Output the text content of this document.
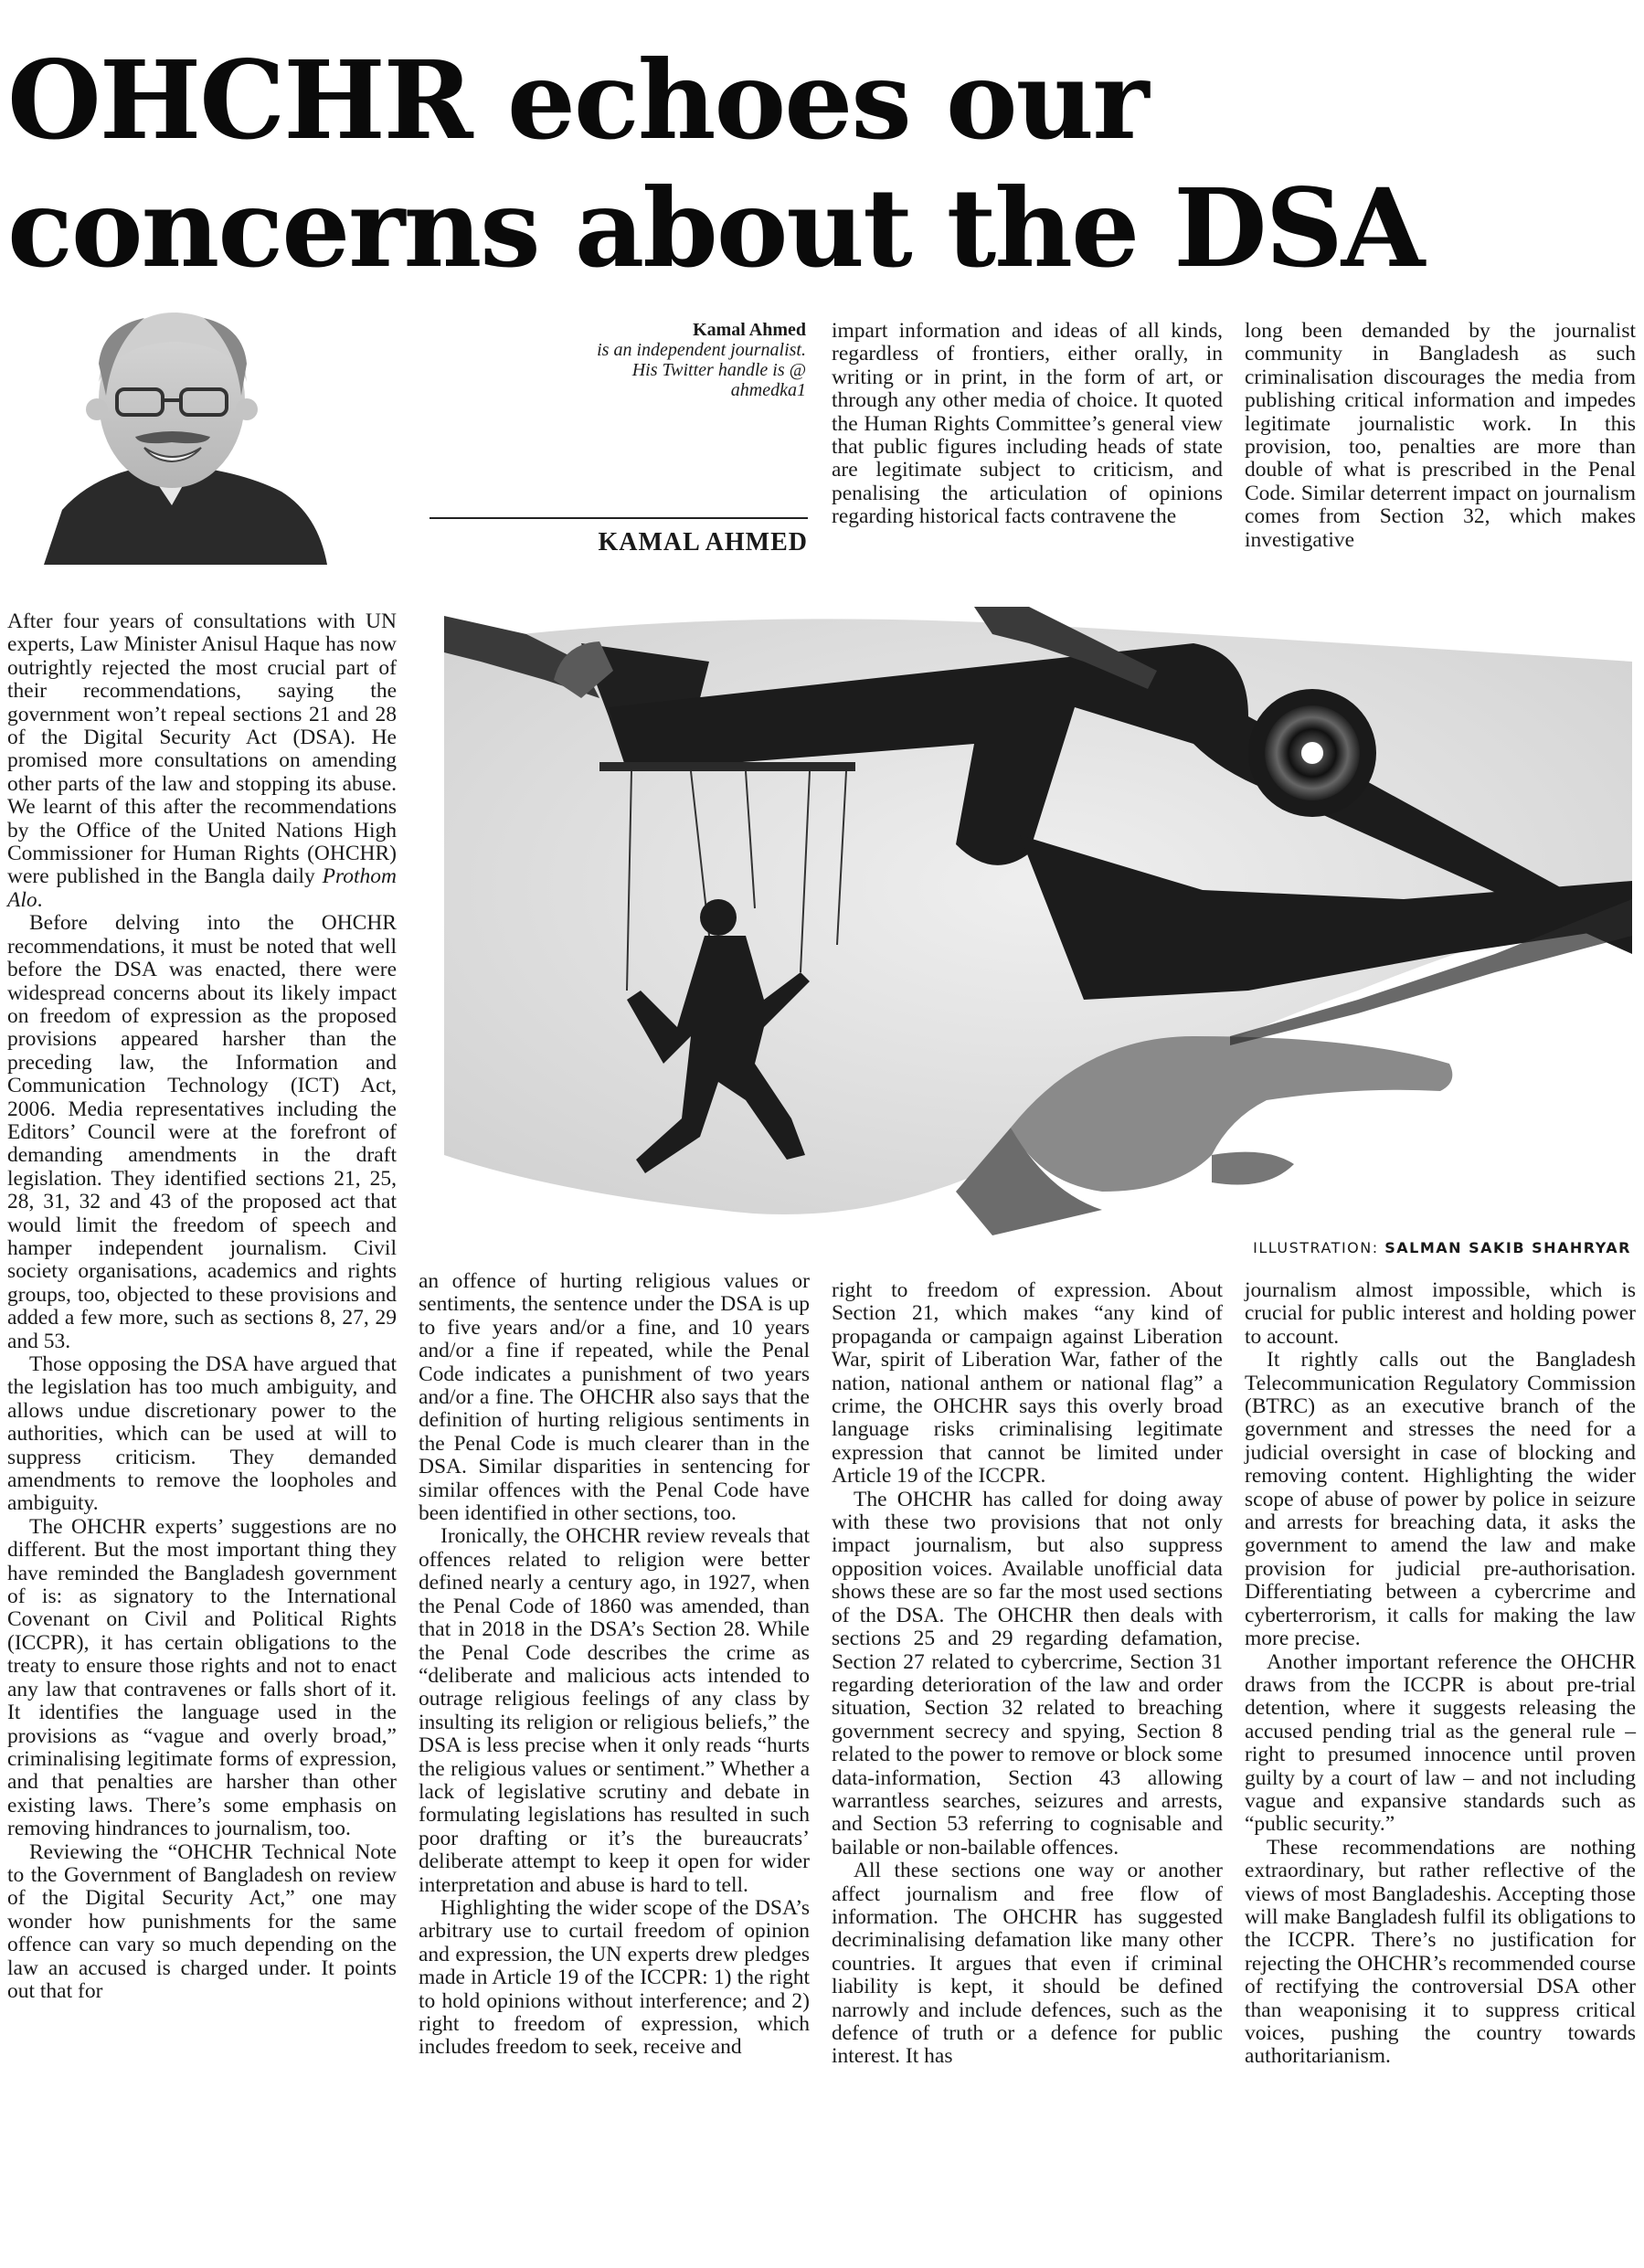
OHCHR echoes our
concerns about the DSA
Kamal Ahmed
is an independent journalist.
His Twitter handle is @
ahmedka1
KAMAL AHMED

impart information and ideas of all kinds, regardless of frontiers, either orally, in writing or in print, in the form of art, or through any other media of choice. It quoted the Human Rights Committee’s general view that public figures including heads of state are legitimate subject to criticism, and penalising the articulation of opinions regarding historical facts contravene the

long been demanded by the journalist community in Bangladesh as such criminalisation discourages the media from publishing critical information and impedes legitimate journalistic work. In this provision, too, penalties are more than double of what is prescribed in the Penal Code. Similar deterrent impact on journalism comes from Section 32, which makes investigative

ILLUSTRATION: SALMAN SAKIB SHAHRYAR

After four years of consultations with UN experts, Law Minister Anisul Haque has now outrightly rejected the most crucial part of their recommendations, saying the government won’t repeal sections 21 and 28 of the Digital Security Act (DSA). He promised more consultations on amending other parts of the law and stopping its abuse. We learnt of this after the recommendations by the Office of the United Nations High Commissioner for Human Rights (OHCHR) were published in the Bangla daily Prothom Alo.

Before delving into the OHCHR recommendations, it must be noted that well before the DSA was enacted, there were widespread concerns about its likely impact on freedom of expression as the proposed provisions appeared harsher than the preceding law, the Information and Communication Technology (ICT) Act, 2006. Media representatives including the Editors’ Council were at the forefront of demanding amendments in the draft legislation. They identified sections 21, 25, 28, 31, 32 and 43 of the proposed act that would limit the freedom of speech and hamper independent journalism. Civil society organisations, academics and rights groups, too, objected to these provisions and added a few more, such as sections 8, 27, 29 and 53.

Those opposing the DSA have argued that the legislation has too much ambiguity, and allows undue discretionary power to the authorities, which can be used at will to suppress criticism. They demanded amendments to remove the loopholes and ambiguity.

The OHCHR experts’ suggestions are no different. But the most important thing they have reminded the Bangladesh government of is: as signatory to the International Covenant on Civil and Political Rights (ICCPR), it has certain obligations to the treaty to ensure those rights and not to enact any law that contravenes or falls short of it. It identifies the language used in the provisions as “vague and overly broad,” criminalising legitimate forms of expression, and that penalties are harsher than other existing laws. There’s some emphasis on removing hindrances to journalism, too.

Reviewing the “OHCHR Technical Note to the Government of Bangladesh on review of the Digital Security Act,” one may wonder how punishments for the same offence can vary so much depending on the law an accused is charged under. It points out that for

an offence of hurting religious values or sentiments, the sentence under the DSA is up to five years and/or a fine, and 10 years and/or a fine if repeated, while the Penal Code indicates a punishment of two years and/or a fine. The OHCHR also says that the definition of hurting religious sentiments in the Penal Code is much clearer than in the DSA. Similar disparities in sentencing for similar offences with the Penal Code have been identified in other sections, too.

Ironically, the OHCHR review reveals that offences related to religion were better defined nearly a century ago, in 1927, when the Penal Code of 1860 was amended, than that in 2018 in the DSA’s Section 28. While the Penal Code describes the crime as “deliberate and malicious acts intended to outrage religious feelings of any class by insulting its religion or religious beliefs,” the DSA is less precise when it only reads “hurts the religious values or sentiment.” Whether a lack of legislative scrutiny and debate in formulating legislations has resulted in such poor drafting or it’s the bureaucrats’ deliberate attempt to keep it open for wider interpretation and abuse is hard to tell.

Highlighting the wider scope of the DSA’s arbitrary use to curtail freedom of opinion and expression, the UN experts drew pledges made in Article 19 of the ICCPR: 1) the right to hold opinions without interference; and 2) right to freedom of expression, which includes freedom to seek, receive and

right to freedom of expression. About Section 21, which makes “any kind of propaganda or campaign against Liberation War, spirit of Liberation War, father of the nation, national anthem or national flag” a crime, the OHCHR says this overly broad language risks criminalising legitimate expression that cannot be limited under Article 19 of the ICCPR.

The OHCHR has called for doing away with these two provisions that not only impact journalism, but also suppress opposition voices. Available unofficial data shows these are so far the most used sections of the DSA. The OHCHR then deals with sections 25 and 29 regarding defamation, Section 27 related to cybercrime, Section 31 regarding deterioration of the law and order situation, Section 32 related to breaching government secrecy and spying, Section 8 related to the power to remove or block some data-information, Section 43 allowing warrantless searches, seizures and arrests, and Section 53 referring to cognisable and bailable or non-bailable offences.

All these sections one way or another affect journalism and free flow of information. The OHCHR has suggested decriminalising defamation like many other countries. It argues that even if criminal liability is kept, it should be defined narrowly and include defences, such as the defence of truth or a defence for public interest. It has

journalism almost impossible, which is crucial for public interest and holding power to account.

It rightly calls out the Bangladesh Telecommunication Regulatory Commission (BTRC) as an executive branch of the government and stresses the need for a judicial oversight in case of blocking and removing content. Highlighting the wider scope of abuse of power by police in seizure and arrests for breaching data, it asks the government to amend the law and make provision for judicial pre-authorisation. Differentiating between a cybercrime and cyberterrorism, it calls for making the law more precise.

Another important reference the OHCHR draws from the ICCPR is about pre-trial detention, where it suggests releasing the accused pending trial as the general rule – right to presumed innocence until proven guilty by a court of law – and not including vague and expansive standards such as “public security.”

These recommendations are nothing extraordinary, but rather reflective of the views of most Bangladeshis. Accepting those will make Bangladesh fulfil its obligations to the ICCPR. There’s no justification for rejecting the OHCHR’s recommended course of rectifying the controversial DSA other than weaponising it to suppress critical voices, pushing the country towards authoritarianism.
